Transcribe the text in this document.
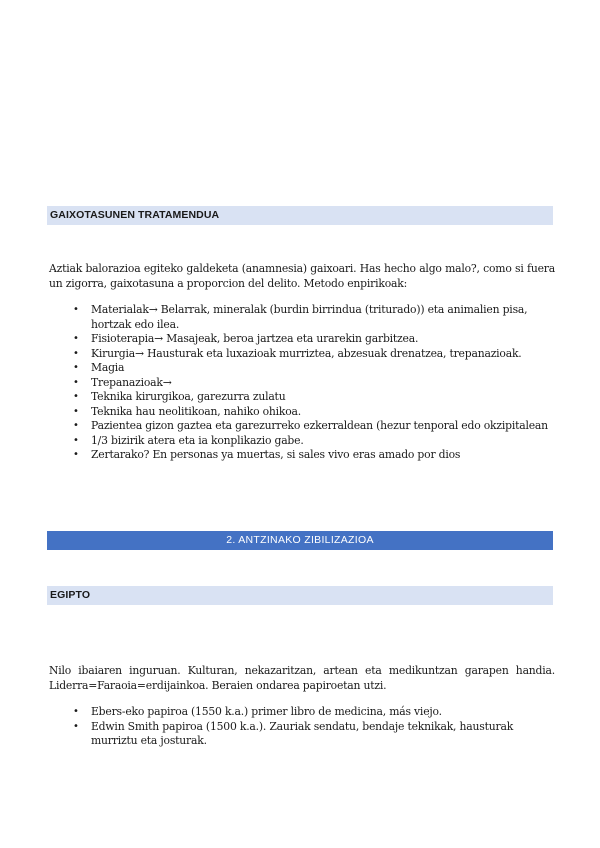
GAIXOTASUNEN TRATAMENDUA
Aztiak balorazioa egiteko galdeketa (anamnesia) gaixoari. Has hecho algo malo?, como si fuera un zigorra, gaixotasuna a proporcion del delito. Metodo enpirikoak:
• Materialak→ Belarrak, mineralak (burdin birrindua (triturado)) eta animalien pisa, hortzak edo ilea.
• Fisioterapia→ Masajeak, beroa jartzea eta urarekin garbitzea.
• Kirurgia→ Hausturak eta luxazioak murriztea, abzesuak drenatzea, trepanazioak.
• Magia
• Trepanazioak→
• Teknika kirurgikoa, garezurra zulatu
• Teknika hau neolitikoan, nahiko ohikoa.
• Pazientea gizon gaztea eta garezurreko ezkerraldean (hezur tenporal edo okzipitalean
• 1/3 bizirik atera eta ia konplikazio gabe.
• Zertarako? En personas ya muertas, si sales vivo eras amado por dios
2. ANTZINAKO ZIBILIZAZIOA
EGIPTO
Nilo ibaiaren inguruan. Kulturan, nekazaritzan, artean eta medikuntzan garapen handia. Liderra=Faraoia=erdijainkoa. Beraien ondarea papiroetan utzi.
• Ebers-eko papiroa (1550 k.a.) primer libro de medicina, más viejo.
• Edwin Smith papiroa (1500 k.a.). Zauriak sendatu, bendaje teknikak, hausturak murriztu eta josturak.
